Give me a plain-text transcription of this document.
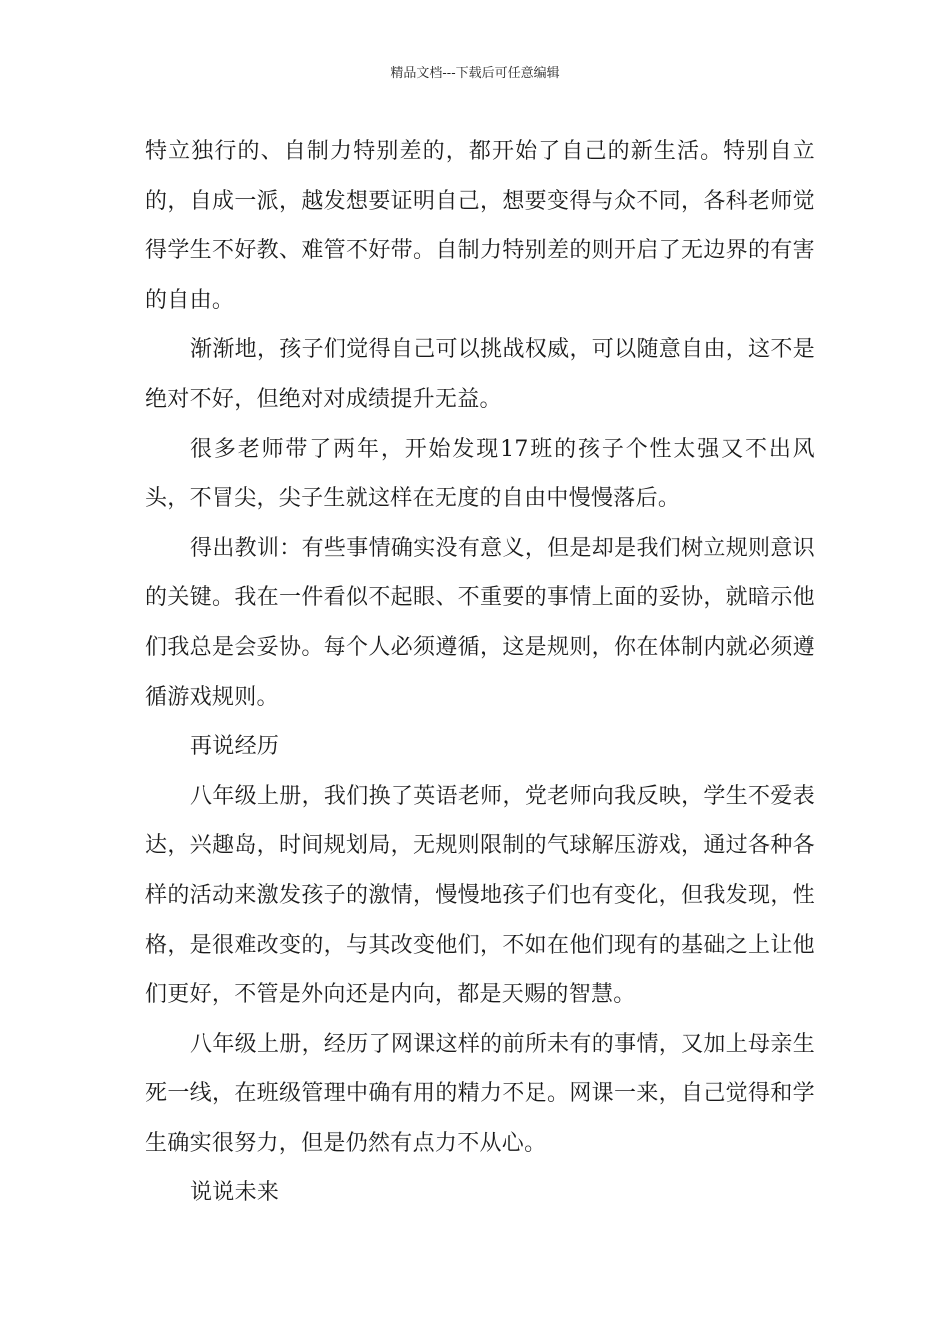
精品文档---下载后可任意编辑

特立独行的、自制力特别差的，都开始了自己的新生活。特别自立的，自成一派，越发想要证明自己，想要变得与众不同，各科老师觉得学生不好教、难管不好带。自制力特别差的则开启了无边界的有害的自由。

渐渐地，孩子们觉得自己可以挑战权威，可以随意自由，这不是绝对不好，但绝对对成绩提升无益。

很多老师带了两年，开始发现17班的孩子个性太强又不出风头，不冒尖，尖子生就这样在无度的自由中慢慢落后。

得出教训：有些事情确实没有意义，但是却是我们树立规则意识的关键。我在一件看似不起眼、不重要的事情上面的妥协，就暗示他们我总是会妥协。每个人必须遵循，这是规则，你在体制内就必须遵循游戏规则。

再说经历

八年级上册，我们换了英语老师，党老师向我反映，学生不爱表达，兴趣岛，时间规划局，无规则限制的气球解压游戏，通过各种各样的活动来激发孩子的激情，慢慢地孩子们也有变化，但我发现，性格，是很难改变的，与其改变他们，不如在他们现有的基础之上让他们更好，不管是外向还是内向，都是天赐的智慧。

八年级上册，经历了网课这样的前所未有的事情，又加上母亲生死一线，在班级管理中确有用的精力不足。网课一来，自己觉得和学生确实很努力，但是仍然有点力不从心。

说说未来
